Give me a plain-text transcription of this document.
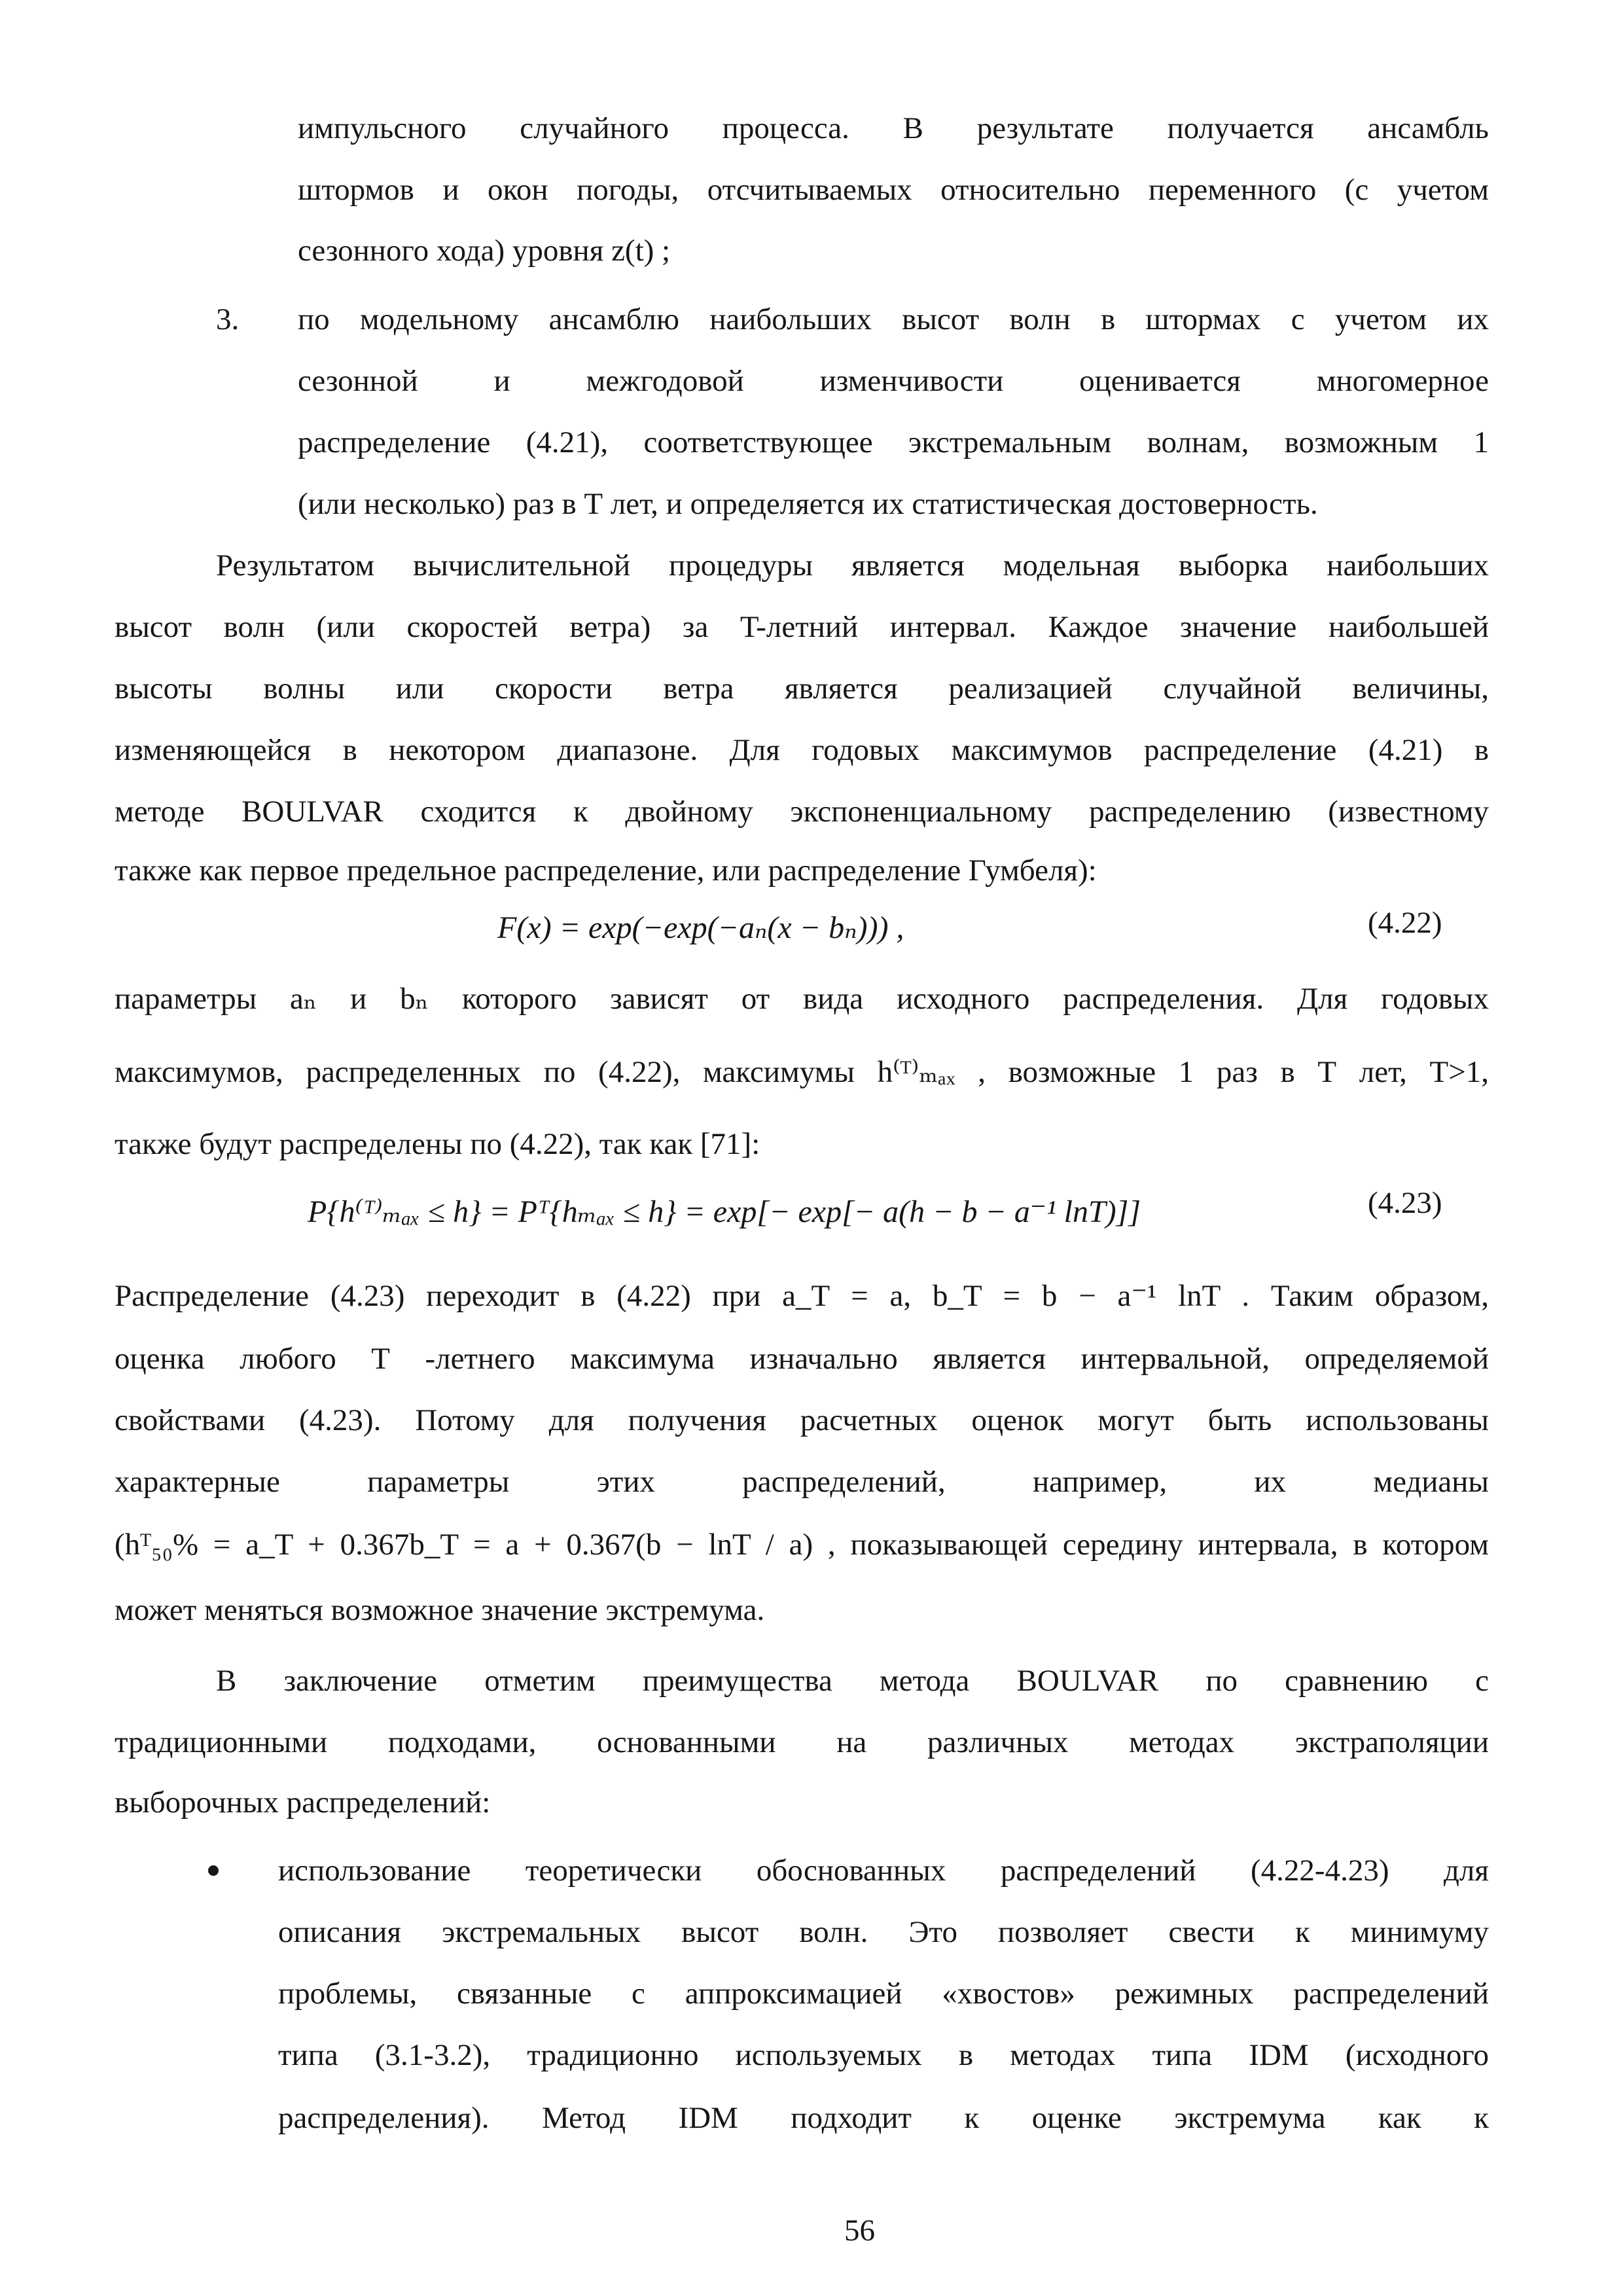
импульсного случайного процесса. В результате получается ансамбль
штормов и окон погоды, отсчитываемых относительно переменного (с учетом
сезонного хода) уровня z(t) ;
3. по модельному ансамблю наибольших высот волн в штормах с учетом их
сезонной и межгодовой изменчивости оценивается многомерное
распределение (4.21), соответствующее экстремальным волнам, возможным 1
(или несколько) раз в Т лет, и определяется их статистическая достоверность.
Результатом вычислительной процедуры является модельная выборка наибольших
высот волн (или скоростей ветра) за T-летний интервал. Каждое значение наибольшей
высоты волны или скорости ветра является реализацией случайной величины,
изменяющейся в некотором диапазоне. Для годовых максимумов распределение (4.21) в
методе BOULVAR сходится к двойному экспоненциальному распределению (известному
также как первое предельное распределение, или распределение Гумбеля):
F(x) = exp(−exp(−aₙ(x − bₙ))) ,	(4.22)
параметры aₙ и bₙ которого зависят от вида исходного распределения. Для годовых
максимумов, распределенных по (4.22), максимумы h⁽ᵀ⁾ₘₐₓ , возможные 1 раз в Т лет, Т>1,
также будут распределены по (4.22), так как [71]:
P{h⁽ᵀ⁾ₘₐₓ ≤ h} = Pᵀ{hₘₐₓ ≤ h} = exp[− exp[− a(h − b − a⁻¹ lnT)]]	(4.23)
Распределение (4.23) переходит в (4.22) при a_T = a, b_T = b − a⁻¹ lnT . Таким образом,
оценка любого Т -летнего максимума изначально является интервальной, определяемой
свойствами (4.23). Потому для получения расчетных оценок могут быть использованы
характерные параметры этих распределений, например, их медианы
(hᵀ₅₀% = a_T + 0.367b_T = a + 0.367(b − lnT / a) , показывающей середину интервала, в котором
может меняться возможное значение экстремума.
В заключение отметим преимущества метода BOULVAR по сравнению с
традиционными подходами, основанными на различных методах экстраполяции
выборочных распределений:
использование теоретически обоснованных распределений (4.22-4.23) для
описания экстремальных высот волн. Это позволяет свести к минимуму
проблемы, связанные с аппроксимацией «хвостов» режимных распределений
типа (3.1-3.2), традиционно используемых в методах типа IDM (исходного
распределения). Метод IDM подходит к оценке экстремума как к
56
